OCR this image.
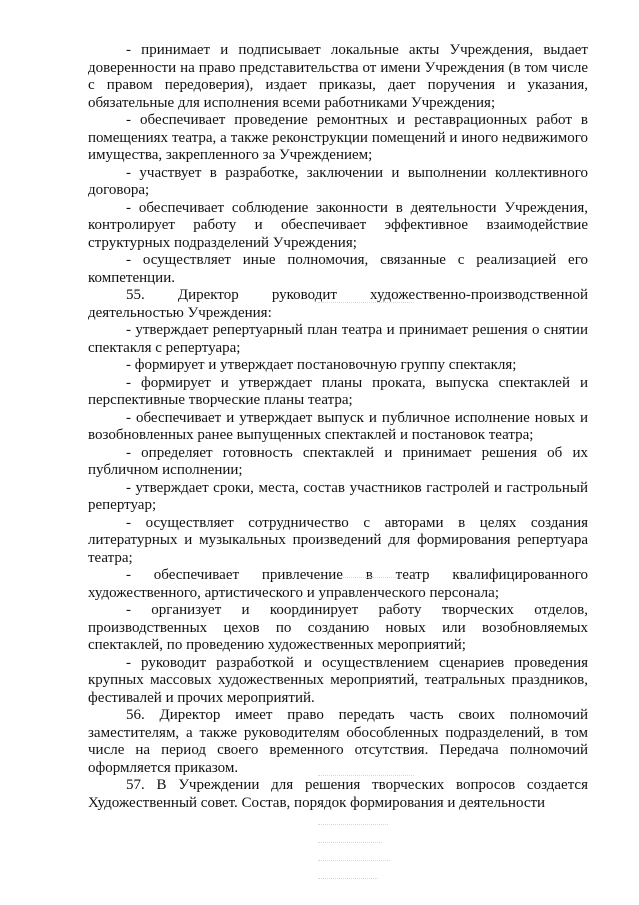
- принимает и подписывает локальные акты Учреждения, выдает доверенности на право представительства от имени Учреждения (в том числе с правом передоверия), издает приказы, дает поручения и указания, обязательные для исполнения всеми работниками Учреждения;

- обеспечивает проведение ремонтных и реставрационных работ в помещениях театра, а также реконструкции помещений и иного недвижимого имущества, закрепленного за Учреждением;

- участвует в разработке, заключении и выполнении коллективного договора;

- обеспечивает соблюдение законности в деятельности Учреждения, контролирует работу и обеспечивает эффективное взаимодействие структурных подразделений Учреждения;

- осуществляет иные полномочия, связанные с реализацией его компетенции.

55. Директор руководит художественно-производственной деятельностью Учреждения:

- утверждает репертуарный план театра и принимает решения о снятии спектакля с репертуара;

- формирует и утверждает постановочную группу спектакля;

- формирует и утверждает планы проката, выпуска спектаклей и перспективные творческие планы театра;

- обеспечивает и утверждает выпуск и публичное исполнение новых и возобновленных ранее выпущенных спектаклей и постановок театра;

- определяет готовность спектаклей и принимает решения об их публичном исполнении;

- утверждает сроки, места, состав участников гастролей и гастрольный репертуар;

- осуществляет сотрудничество с авторами в целях создания литературных и музыкальных произведений для формирования репертуара театра;

- обеспечивает привлечение в театр квалифицированного художественного, артистического и управленческого персонала;

- организует и координирует работу творческих отделов, производственных цехов по созданию новых или возобновляемых спектаклей, по проведению художественных мероприятий;

- руководит разработкой и осуществлением сценариев проведения крупных массовых художественных мероприятий, театральных праздников, фестивалей и прочих мероприятий.

56. Директор имеет право передать часть своих полномочий заместителям, а также руководителям обособленных подразделений, в том числе на период своего временного отсутствия. Передача полномочий оформляется приказом.

57. В Учреждении для решения творческих вопросов создается Художественный совет. Состав, порядок формирования и деятельности
